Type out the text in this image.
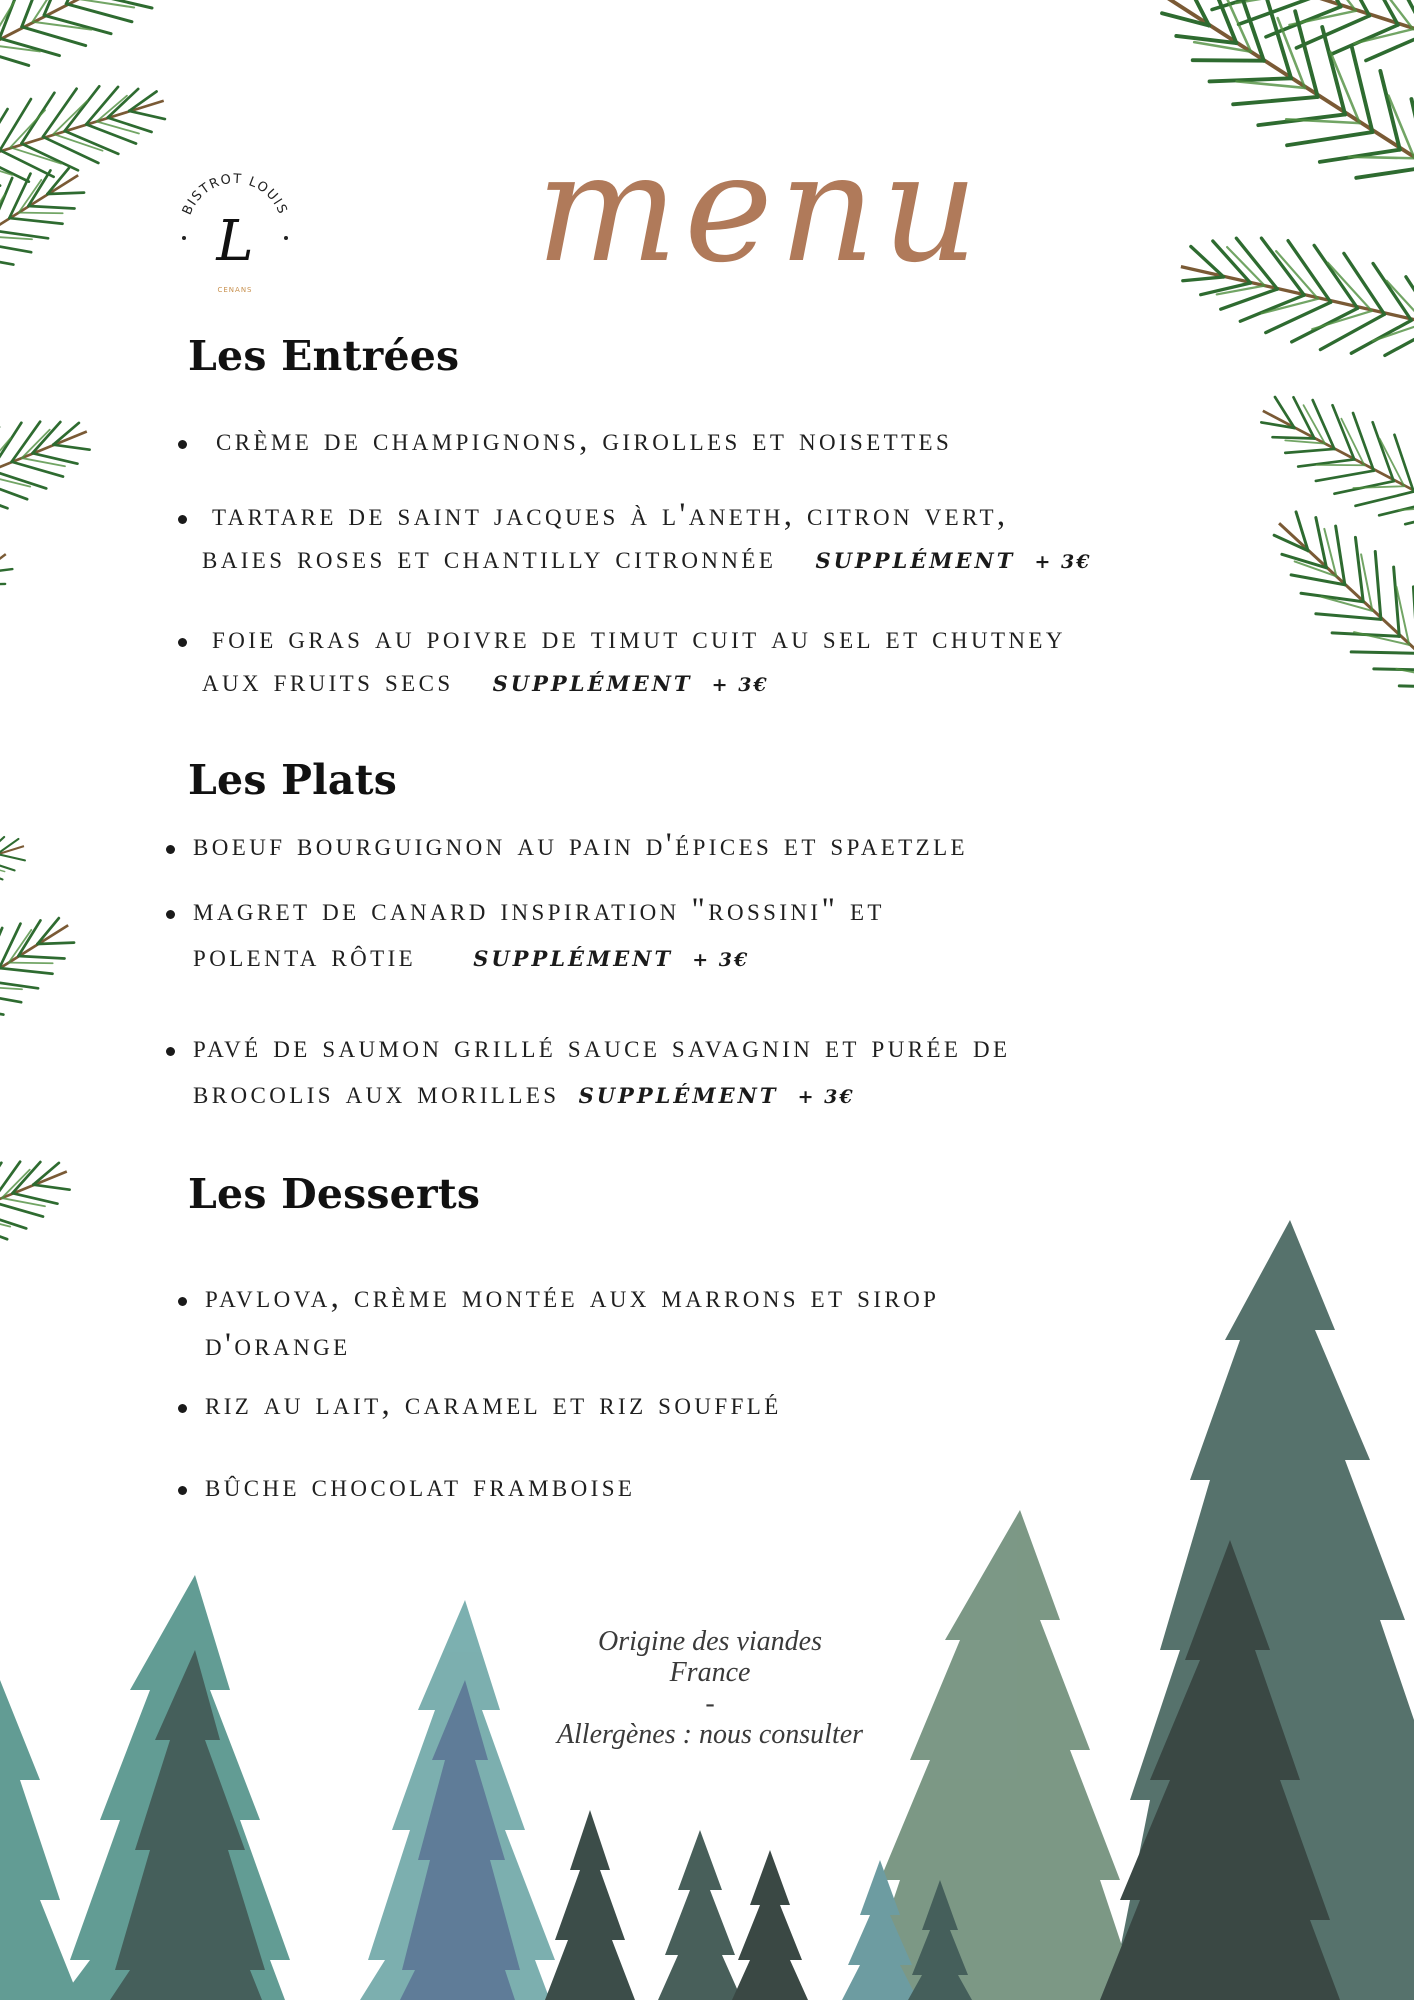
BISTROT LOUIS
L
CENANS menu
Les Entrées
crème de champignons, girolles et noisettes
tartare de saint jacques à l'aneth, citron vert,
baies roses et chantilly citronnée SUPPLÉMENT + 3€
foie gras au poivre de timut cuit au sel et chutney
aux fruits secs SUPPLÉMENT + 3€
Les Plats
boeuf bourguignon au pain d'épices et spaetzle
magret de canard inspiration "rossini" et
polenta rôtie	SUPPLÉMENT + 3€
pavé de saumon grillé sauce savagnin et purée de
brocolis aux morilles SUPPLÉMENT + 3€
Les Desserts
pavlova, crème montée aux marrons et sirop
d'orange
riz au lait, caramel et riz soufflé
bûche chocolat framboise
Origine des viandes
France
-
Allergènes : nous consulter
